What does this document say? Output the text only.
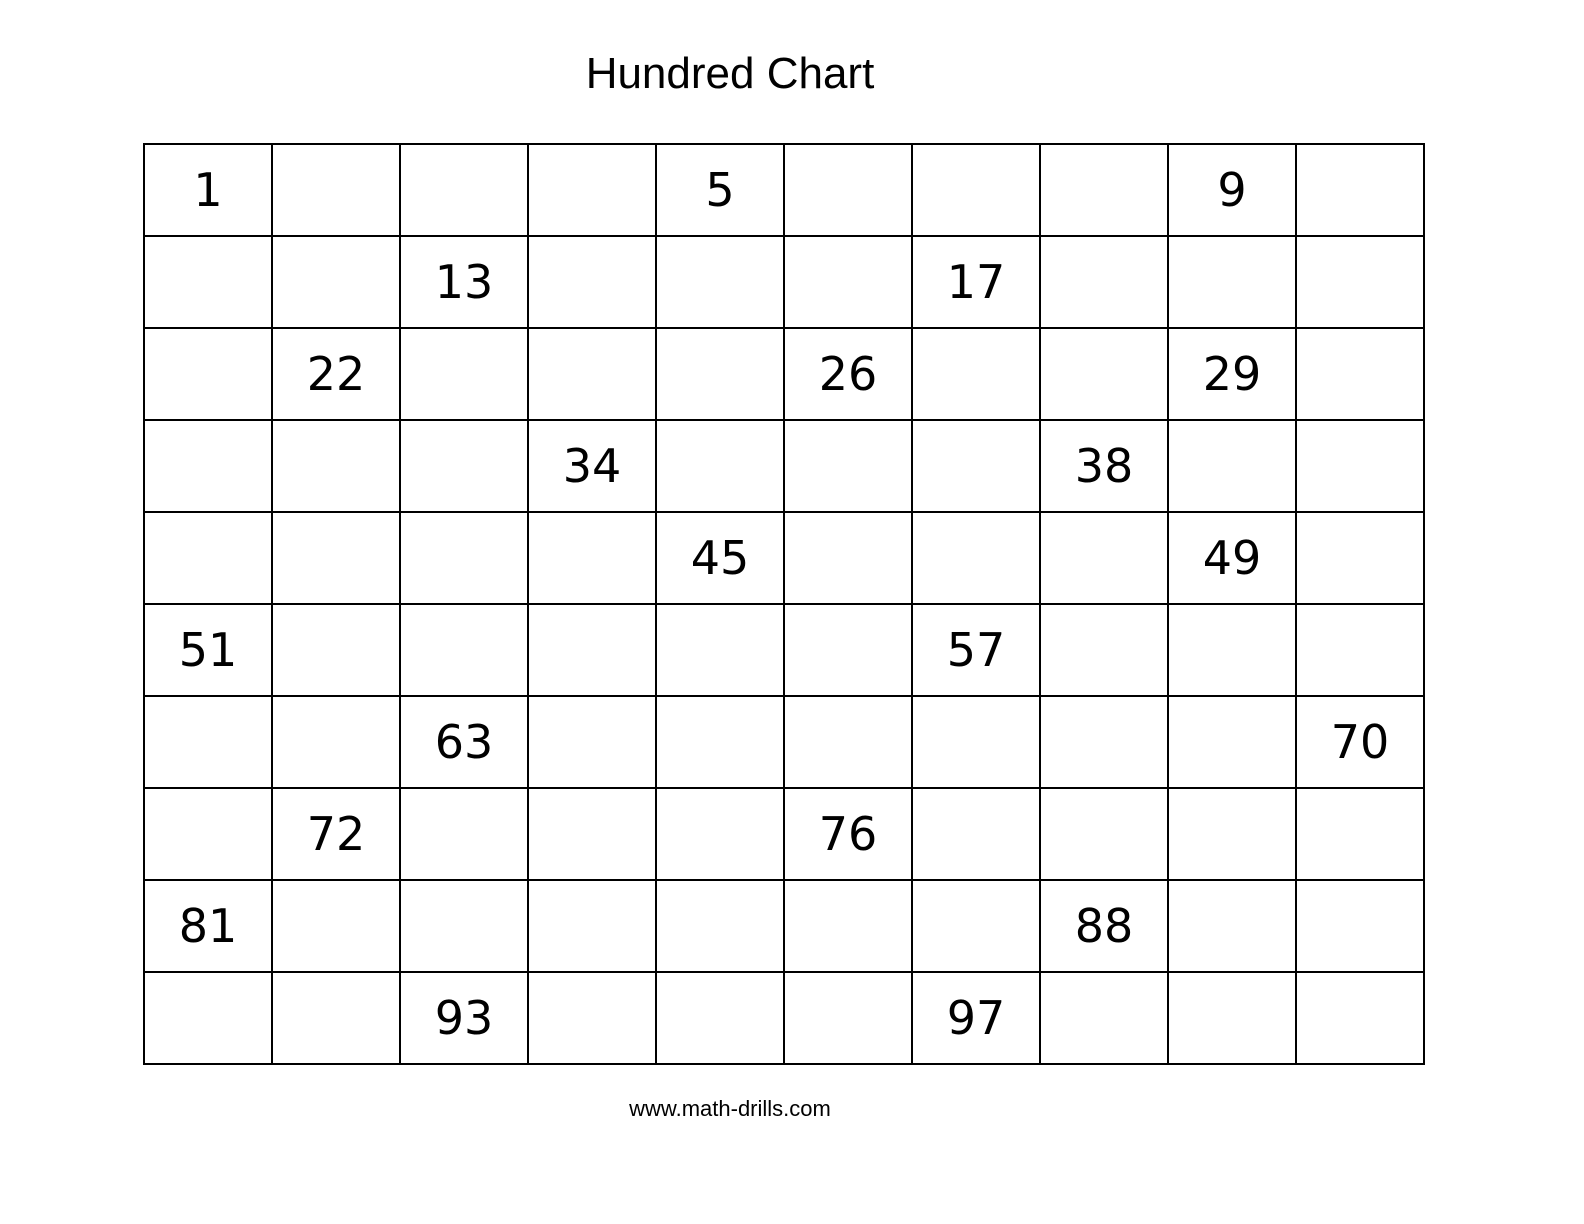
Hundred Chart
1				5				9	
		13				17			
	22				26			29	
			34				38		
				45				49	
51						57			
		63							70
	72				76				
81							88		
		93				97			
www.math-drills.com
